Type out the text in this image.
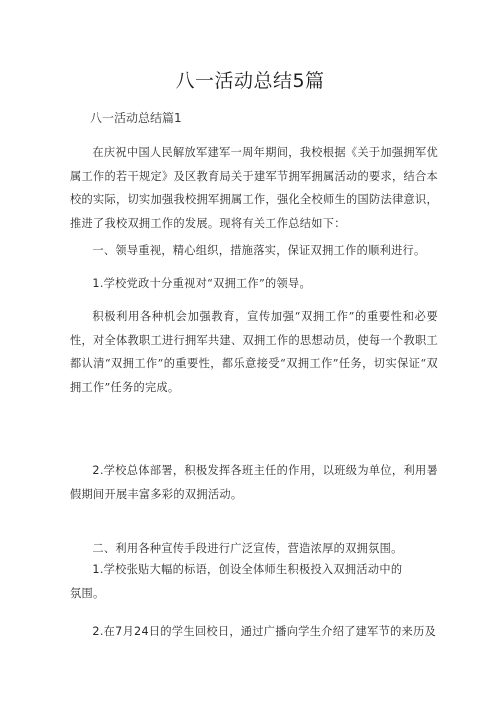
八一活动总结5篇
八一活动总结篇1
在庆祝中国人民解放军建军一周年期间，我校根据《关于加强拥军优属工作的若干规定》及区教育局关于建军节拥军拥属活动的要求，结合本校的实际，切实加强我校拥军拥属工作，强化全校师生的国防法律意识，推进了我校双拥工作的发展。现将有关工作总结如下：
一、领导重视，精心组织，措施落实，保证双拥工作的顺利进行。
1.学校党政十分重视对“双拥工作”的领导。
积极利用各种机会加强教育，宣传加强“双拥工作”的重要性和必要性，对全体教职工进行拥军共建、双拥工作的思想动员，使每一个教职工都认清“双拥工作”的重要性，都乐意接受“双拥工作”任务，切实保证“双拥工作”任务的完成。
2.学校总体部署，积极发挥各班主任的作用，以班级为单位，利用暑假期间开展丰富多彩的双拥活动。
二、利用各种宣传手段进行广泛宣传，营造浓厚的双拥氛围。
1.学校张贴大幅的标语，创设全体师生积极投入双拥活动中的
氛围。
2.在7月24日的学生回校日，通过广播向学生介绍了建军节的来历及
